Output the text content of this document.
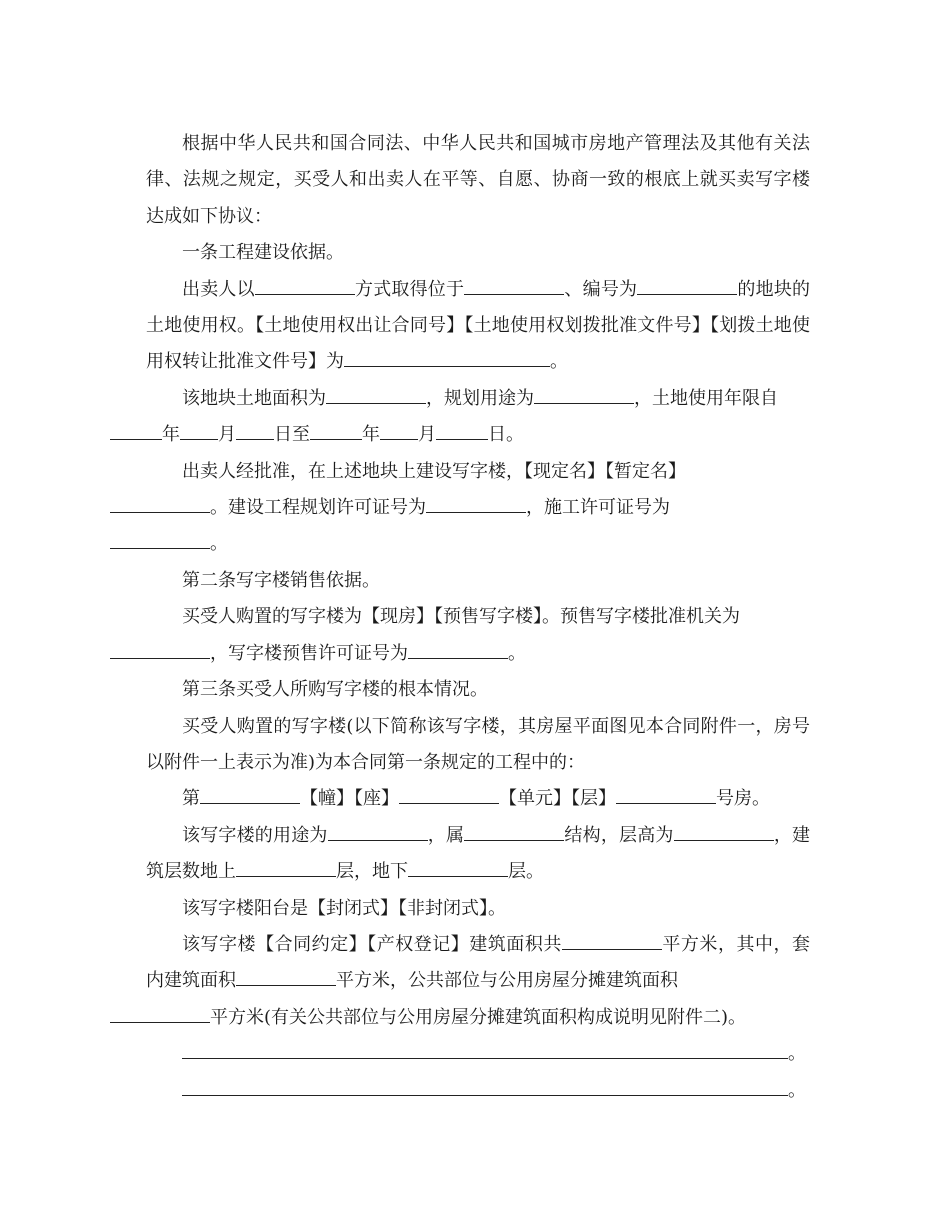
根据中华人民共和国合同法、中华人民共和国城市房地产管理法及其他有关法律、法规之规定，买受人和出卖人在平等、自愿、协商一致的根底上就买卖写字楼达成如下协议：

一条工程建设依据。

出卖人以	方式取得位于	、编号为	的地块的土地使用权。【土地使用权出让合同号】【土地使用权划拨批准文件号】【划拨土地使用权转让批准文件号】为	。

该地块土地面积为	，规划用途为	，土地使用年限自
年 月 日至	年 月	日。

出卖人经批准，在上述地块上建设写字楼，【现定名】【暂定名】
。建设工程规划许可证号为	，施工许可证号为
。

第二条写字楼销售依据。

买受人购置的写字楼为【现房】【预售写字楼】。预售写字楼批准机关为
，写字楼预售许可证号为	。

第三条买受人所购写字楼的根本情况。

买受人购置的写字楼(以下简称该写字楼，其房屋平面图见本合同附件一，房号以附件一上表示为准)为本合同第一条规定的工程中的：

第	【幢】【座】	【单元】【层】	号房。

该写字楼的用途为	，属	结构，层高为	，建筑层数地上	层，地下	层。

该写字楼阳台是【封闭式】【非封闭式】。

该写字楼【合同约定】【产权登记】建筑面积共	平方米，其中，套内建筑面积	平方米，公共部位与公用房屋分摊建筑面积
平方米(有关公共部位与公用房屋分摊建筑面积构成说明见附件二)。

。

。
